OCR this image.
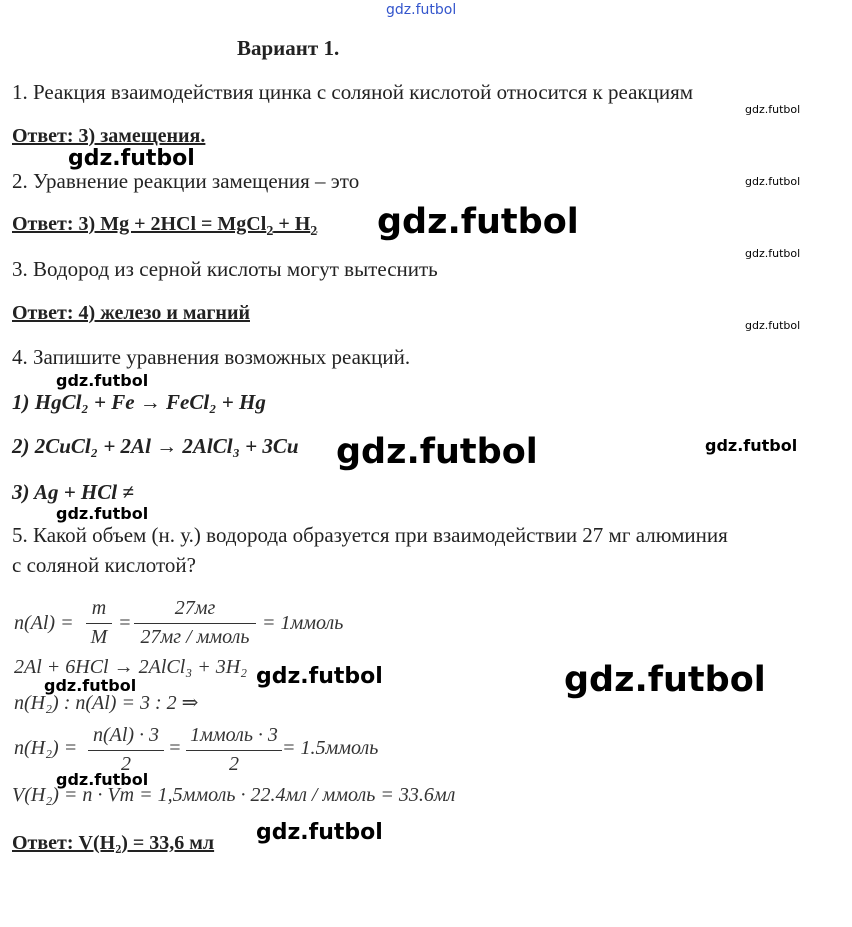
gdz.futbol
Вариант 1.
1. Реакция взаимодействия цинка с соляной кислотой относится к реакциям
gdz.futbol
Ответ: 3) замещения.
gdz.futbol
2. Уравнение реакции замещения – это	gdz.futbol
Ответ: 3) Mg + 2HCl = MgCl$_2$ + $H_2$ gdz.futbol
gdz.futbol
3. Водород из серной кислоты могут вытеснить
Ответ: 4) железо и магний
gdz.futbol
4. Запишите уравнения возможных реакций.
gdz.futbol
1) HgCl₂ + Fe → FeCl₂ + Hg
2) 2CuCl₂ + 2Al → 2AlCl₃ + 3Cu gdz.futbol	gdz.futbol
3) Ag + HCl ≠
gdz.futbol
5. Какой объем (н. у.) водорода образуется при взаимодействии 27 мг алюминия
с соляной кислотой?
n(Al) =
m
M
=
27мг
27мг / ммоль
= 1ммоль
2Al + 6HCl → 2AlCl₃ + 3H₂ gdz.futbol	gdz.futbol
gdz.futbol
n(H₂) : n(Al) = 3 : 2 ⇒
n(H₂) =
n(Al) · 3
2
=
1ммоль · 3
2
= 1.5ммоль
gdz.futbol
V(H₂) = n · Vm = 1,5ммоль · 22.4мл / ммоль = 33.6мл
gdz.futbol
Ответ: V(H₂) = 33,6 мл
